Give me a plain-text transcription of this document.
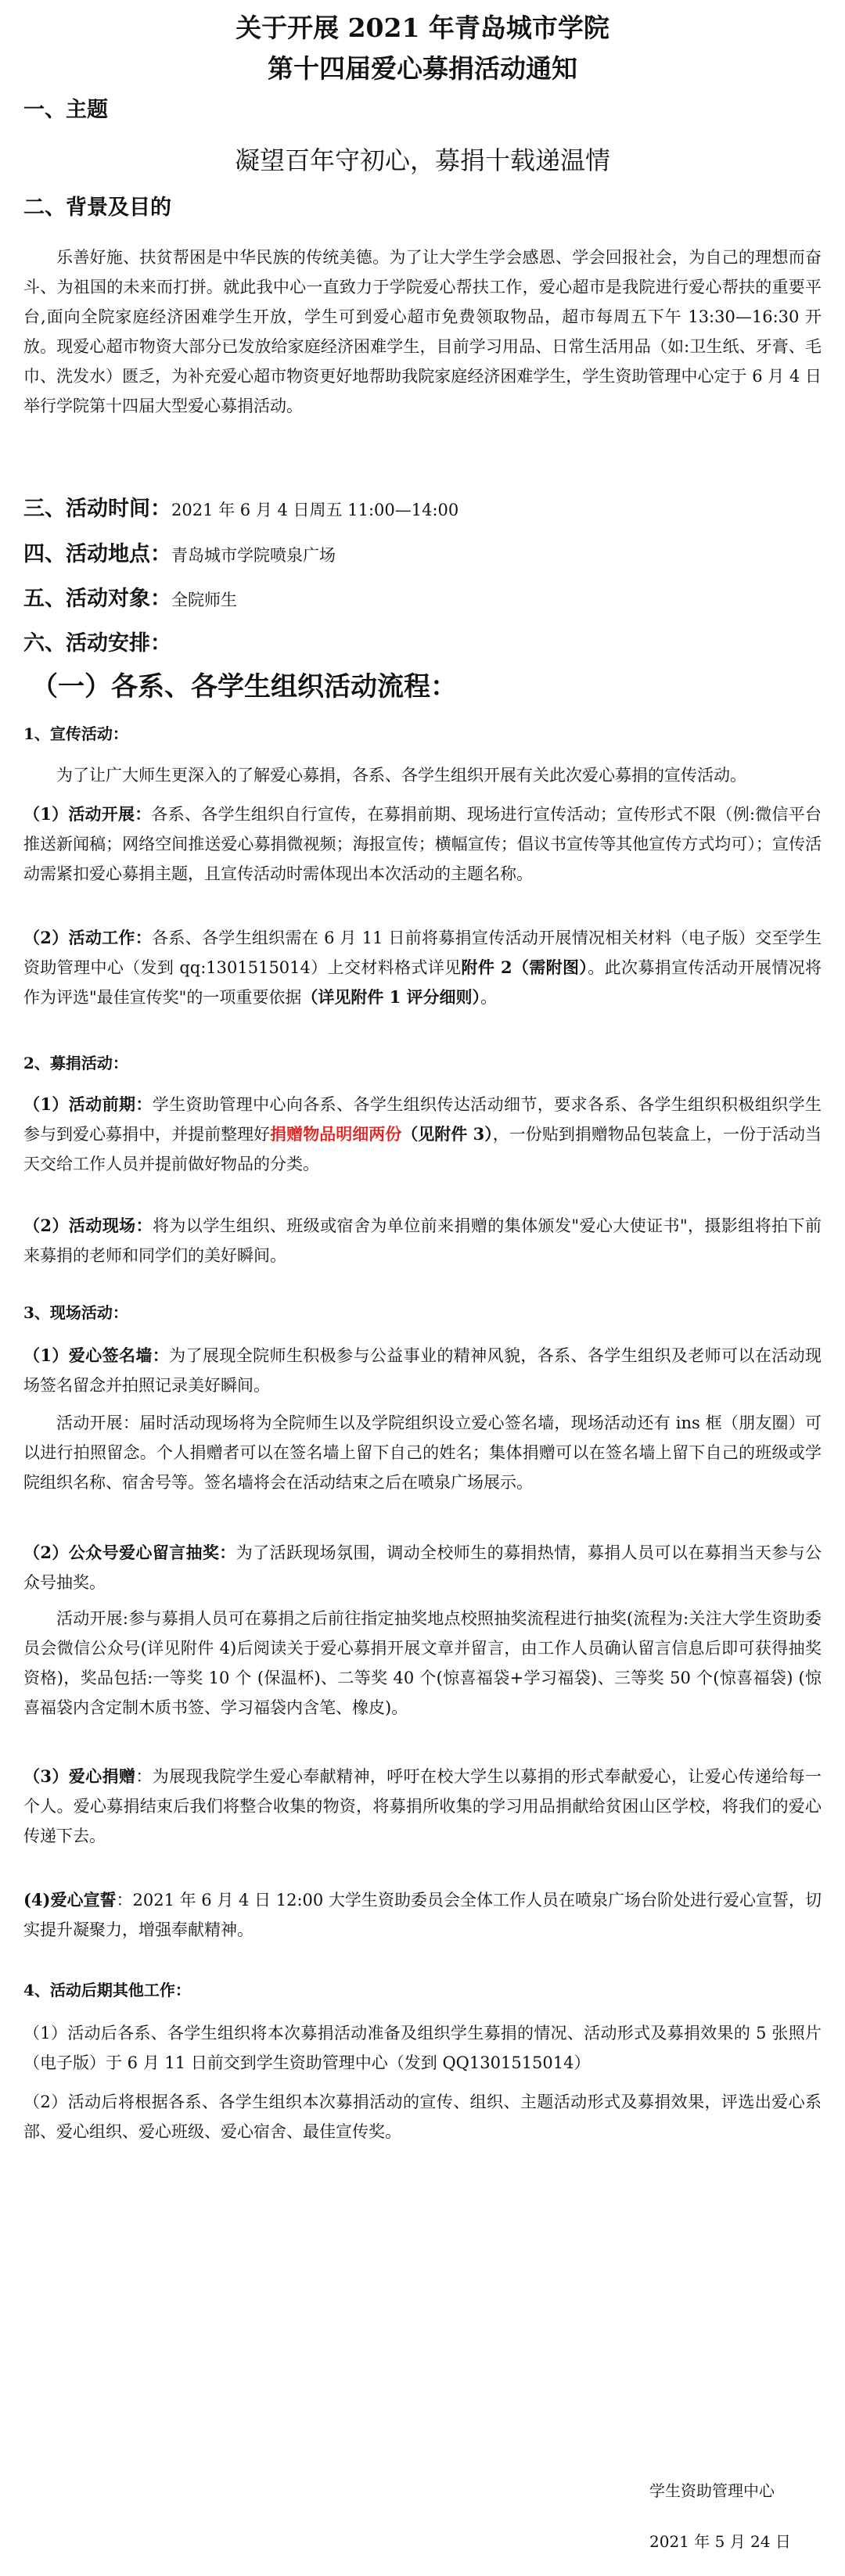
关于开展 2021 年青岛城市学院
第十四届爱心募捐活动通知
一、主题
凝望百年守初心，募捐十载递温情
二、背景及目的
乐善好施、扶贫帮困是中华民族的传统美德。为了让大学生学会感恩、学会回报社会，为自己的理想而奋斗、为祖国的未来而打拼。就此我中心一直致力于学院爱心帮扶工作，爱心超市是我院进行爱心帮扶的重要平台,面向全院家庭经济困难学生开放，学生可到爱心超市免费领取物品，超市每周五下午 13:30—16:30 开放。现爱心超市物资大部分已发放给家庭经济困难学生，目前学习用品、日常生活用品（如:卫生纸、牙膏、毛巾、洗发水）匮乏，为补充爱心超市物资更好地帮助我院家庭经济困难学生，学生资助管理中心定于 6 月 4 日举行学院第十四届大型爱心募捐活动。
三、活动时间：2021 年 6 月 4 日周五 11:00—14:00
四、活动地点：青岛城市学院喷泉广场
五、活动对象：全院师生
六、活动安排：
（一）各系、各学生组织活动流程：
1、宣传活动：
为了让广大师生更深入的了解爱心募捐，各系、各学生组织开展有关此次爱心募捐的宣传活动。
（1）活动开展：各系、各学生组织自行宣传，在募捐前期、现场进行宣传活动；宣传形式不限（例:微信平台推送新闻稿；网络空间推送爱心募捐微视频；海报宣传；横幅宣传；倡议书宣传等其他宣传方式均可）；宣传活动需紧扣爱心募捐主题，且宣传活动时需体现出本次活动的主题名称。
（2）活动工作：各系、各学生组织需在 6 月 11 日前将募捐宣传活动开展情况相关材料（电子版）交至学生资助管理中心（发到 qq:1301515014）上交材料格式详见附件 2（需附图）。此次募捐宣传活动开展情况将作为评选"最佳宣传奖"的一项重要依据（详见附件 1 评分细则）。
2、募捐活动：
（1）活动前期：学生资助管理中心向各系、各学生组织传达活动细节，要求各系、各学生组织积极组织学生参与到爱心募捐中，并提前整理好捐赠物品明细两份（见附件 3），一份贴到捐赠物品包装盒上，一份于活动当天交给工作人员并提前做好物品的分类。
（2）活动现场：将为以学生组织、班级或宿舍为单位前来捐赠的集体颁发"爱心大使证书"，摄影组将拍下前来募捐的老师和同学们的美好瞬间。
3、现场活动：
（1）爱心签名墙：为了展现全院师生积极参与公益事业的精神风貌，各系、各学生组织及老师可以在活动现场签名留念并拍照记录美好瞬间。
活动开展：届时活动现场将为全院师生以及学院组织设立爱心签名墙，现场活动还有 ins 框（朋友圈）可以进行拍照留念。个人捐赠者可以在签名墙上留下自己的姓名；集体捐赠可以在签名墙上留下自己的班级或学院组织名称、宿舍号等。签名墙将会在活动结束之后在喷泉广场展示。
（2）公众号爱心留言抽奖：为了活跃现场氛围，调动全校师生的募捐热情，募捐人员可以在募捐当天参与公众号抽奖。
活动开展:参与募捐人员可在募捐之后前往指定抽奖地点校照抽奖流程进行抽奖(流程为:关注大学生资助委员会微信公众号(详见附件 4)后阅读关于爱心募捐开展文章并留言，由工作人员确认留言信息后即可获得抽奖资格)，奖品包括:一等奖 10 个 (保温杯)、二等奖 40 个(惊喜福袋+学习福袋)、三等奖 50 个(惊喜福袋) (惊喜福袋内含定制木质书签、学习福袋内含笔、橡皮)。
（3）爱心捐赠：为展现我院学生爱心奉献精神，呼吁在校大学生以募捐的形式奉献爱心，让爱心传递给每一个人。爱心募捐结束后我们将整合收集的物资，将募捐所收集的学习用品捐献给贫困山区学校，将我们的爱心传递下去。
(4)爱心宣誓：2021 年 6 月 4 日 12:00 大学生资助委员会全体工作人员在喷泉广场台阶处进行爱心宣誓，切实提升凝聚力，增强奉献精神。
4、活动后期其他工作：
（1）活动后各系、各学生组织将本次募捐活动准备及组织学生募捐的情况、活动形式及募捐效果的 5 张照片（电子版）于 6 月 11 日前交到学生资助管理中心（发到 QQ1301515014）
（2）活动后将根据各系、各学生组织本次募捐活动的宣传、组织、主题活动形式及募捐效果，评选出爱心系部、爱心组织、爱心班级、爱心宿舍、最佳宣传奖。
学生资助管理中心
2021 年 5 月 24 日
